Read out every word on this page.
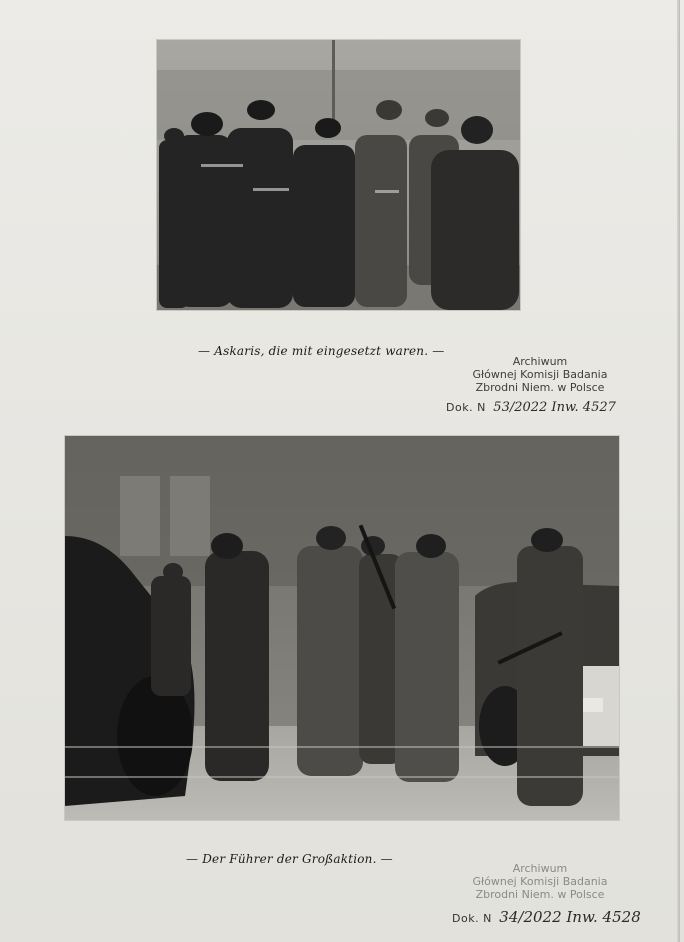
— Askaris, die mit eingesetzt waren. —
Archiwum
Głównej Komisji Badania
Zbrodni Niem. w Polsce
Dok. N 53/2022 Inw. 4527
— Der Führer der Großaktion. —
Archiwum
Głównej Komisji Badania
Zbrodni Niem. w Polsce
Dok. N 34/2022 Inw. 4528
